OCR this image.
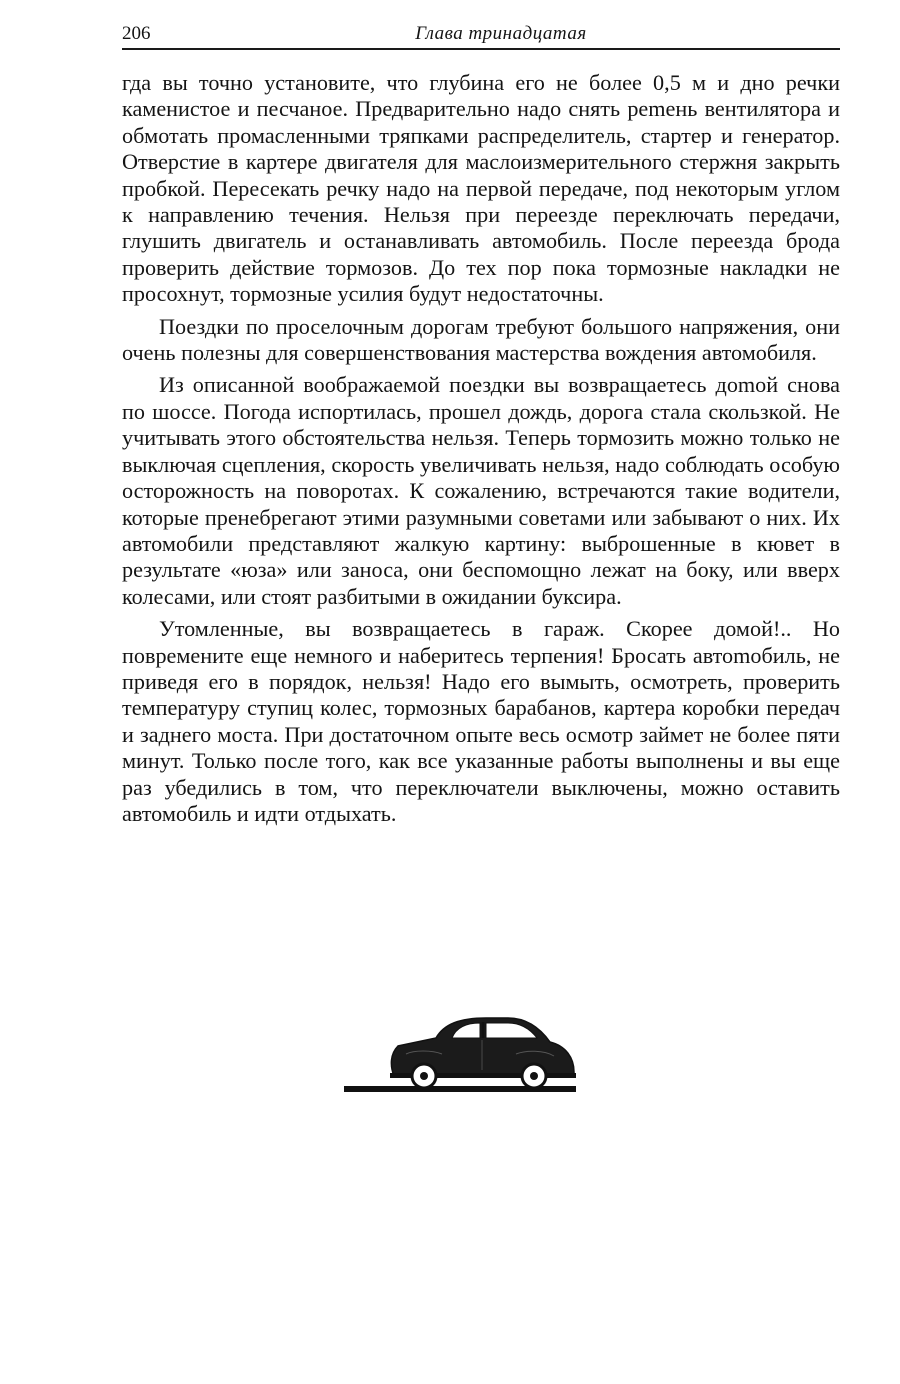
206	Глава тринадцатая

гда вы точно установите, что глубина его не более 0,5 м и дно речки каменистое и песчаное. Предварительно надо снять реmень вентилятора и обмотать промасленными тряпками распределитель, стартер и генератор. Отверстие в картере двигателя для маслоизмерительного стержня закрыть пробкой. Пересекать речку надо на первой передаче, под некоторым углом к направлению течения. Нельзя при переезде переключать передачи, глушить двигатель и останавливать автомобиль. После переезда брода проверить действие тормозов. До тех пор пока тормозные накладки не просохнут, тормозные усилия будут недостаточны.

Поездки по проселочным дорогам требуют большого напряжения, они очень полезны для совершенствования мастерства вождения автомобиля.

Из описанной воображаемой поездки вы возвращаетесь доmой снова по шоссе. Погода испортилась, прошел дождь, дорога стала скользкой. Не учитывать этого обстоятельства нельзя. Теперь тормозить можно только не выключая сцепления, скорость увеличивать нельзя, надо соблюдать особую осторожность на поворотах. К сожалению, встречаются такие водители, которые пренебрегают этими разумными советами или забывают о них. Их автомобили представляют жалкую картину: выброшенные в кювет в результате «юза» или заноса, они беспомощно лежат на боку, или вверх колесами, или стоят разбитыми в ожидании буксира.

Утомленные, вы возвращаетесь в гараж. Скорее домой!.. Но повремените еще немного и наберитесь терпения! Бросать автоmобиль, не приведя его в порядок, нельзя! Надо его вымыть, осмотреть, проверить температуру ступиц колес, тормозных барабанов, картера коробки передач и заднего моста. При достаточном опыте весь осмотр займет не более пяти минут. Только после того, как все указанные работы выполнены и вы еще раз убедились в том, что переключатели выключены, можно оставить автомобиль и идти отдыхать.
